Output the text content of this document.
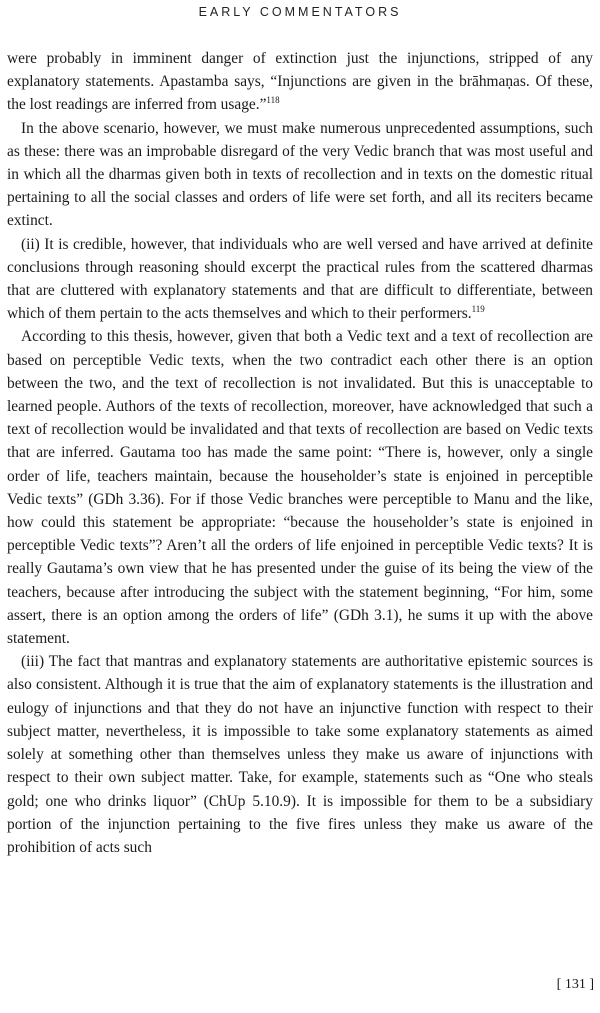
EARLY COMMENTATORS

were probably in imminent danger of extinction just the injunctions, stripped of any explanatory statements. Apastamba says, “Injunctions are given in the brāhmaṇas. Of these, the lost readings are inferred from usage.”$^{118}$

In the above scenario, however, we must make numerous unprecedented assumptions, such as these: there was an improbable disregard of the very Vedic branch that was most useful and in which all the dharmas given both in texts of recollection and in texts on the domestic ritual pertaining to all the social classes and orders of life were set forth, and all its reciters became extinct.

(ii) It is credible, however, that individuals who are well versed and have arrived at definite conclusions through reasoning should excerpt the practical rules from the scattered dharmas that are cluttered with explanatory statements and that are difficult to differentiate, between which of them pertain to the acts themselves and which to their performers.$^{119}$

According to this thesis, however, given that both a Vedic text and a text of recollection are based on perceptible Vedic texts, when the two contradict each other there is an option between the two, and the text of recollection is not invalidated. But this is unacceptable to learned people. Authors of the texts of recollection, moreover, have acknowledged that such a text of recollection would be invalidated and that texts of recollection are based on Vedic texts that are inferred. Gautama too has made the same point: “There is, however, only a single order of life, teachers maintain, because the householder’s state is enjoined in perceptible Vedic texts” (GDh 3.36). For if those Vedic branches were perceptible to Manu and the like, how could this statement be appropriate: “because the householder’s state is enjoined in perceptible Vedic texts”? Aren’t all the orders of life enjoined in perceptible Vedic texts? It is really Gautama’s own view that he has presented under the guise of its being the view of the teachers, because after introducing the subject with the statement beginning, “For him, some assert, there is an option among the orders of life” (GDh 3.1), he sums it up with the above statement.

(iii) The fact that mantras and explanatory statements are authoritative epistemic sources is also consistent. Although it is true that the aim of explanatory statements is the illustration and eulogy of injunctions and that they do not have an injunctive function with respect to their subject matter, nevertheless, it is impossible to take some explanatory statements as aimed solely at something other than themselves unless they make us aware of injunctions with respect to their own subject matter. Take, for example, statements such as “One who steals gold; one who drinks liquor” (ChUp 5.10.9). It is impossible for them to be a subsidiary portion of the injunction pertaining to the five fires unless they make us aware of the prohibition of acts such

[ 131 ]
